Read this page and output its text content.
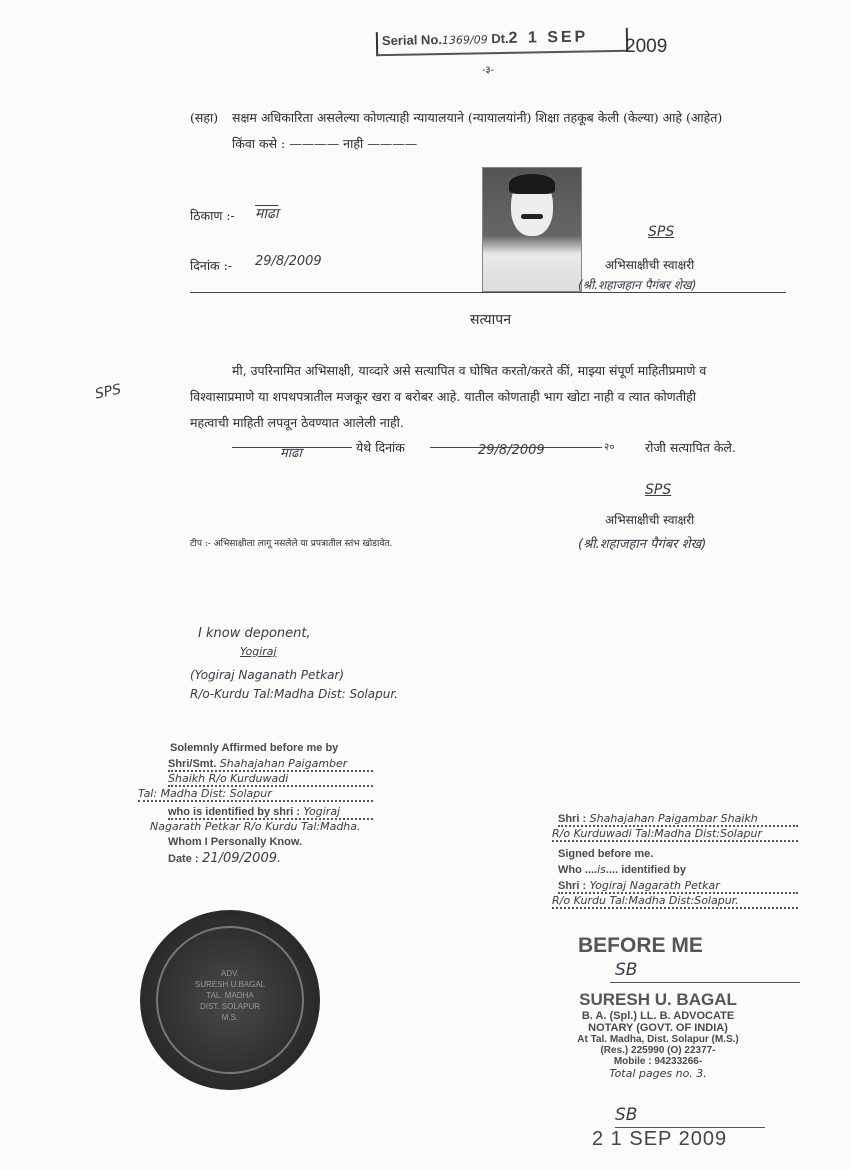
Serial No.1369/09 Dt.2 1 SEP	2009
-३-
(सहा) सक्षम अधिकारिता असलेल्या कोणत्याही न्यायालयाने (न्यायालयांनी) शिक्षा तहकूब केली (केल्या) आहे (आहेत)
किंवा कसे : ———— नाही ————
ठिकाण :- माढा
दिनांक :- 29/8/2009
SPS
अभिसाक्षीची स्वाक्षरी
(श्री.शहाजहान पैगंबर शेख)
सत्यापन
मी, उपरिनामित अभिसाक्षी, याव्दारे असे सत्यापित व घोषित करतो/करते कीं, माझ्या संपूर्ण माहितीप्रमाणे व
विश्वासाप्रमाणे या शपथपत्रातील मजकूर खरा व बरोबर आहे. यातील कोणताही भाग खोटा नाही व त्यात कोणतीही
महत्वाची माहिती लपवून ठेवण्यात आलेली नाही.
SPS
माढा	येथे दिनांक	29/8/2009	२० रोजी सत्यापित केले.
SPS
अभिसाक्षीची स्वाक्षरी
टीप :- अभिसाक्षीला लागू नसलेले या प्रपत्रातील स्तंभ खोडावेत.	(श्री.शहाजहान पैगंबर शेख)
I know deponent,
Yogiraj
(Yogiraj Naganath Petkar)
R/o-Kurdu Tal:Madha Dist: Solapur.
Solemnly Affirmed before me by
Shri/Smt. Shahajahan Paigamber
Shaikh R/o Kurduwadi
Tal: Madha Dist: Solapur
who is identified by shri : Yogiraj
Nagarath Petkar R/o Kurdu Tal:Madha.
Whom I Personally Know.
Date : 21/09/2009.
ADV.
SURESH U.BAGAL
TAL. MADHA
DIST. SOLAPUR
M.S.
Shri : Shahajahan Paigambar Shaikh
R/o Kurduwadi Tal:Madha Dist:Solapur
Signed before me.
Who ....is.... identified by
Shri : Yogiraj Nagarath Petkar
R/o Kurdu Tal:Madha Dist:Solapur.
BEFORE ME
SB
SURESH U. BAGAL
B. A. (Spl.) LL. B. ADVOCATE
NOTARY (GOVT. OF INDIA)
At Tal. Madha, Dist. Solapur (M.S.)
(Res.) 225990 (O) 22377-
Mobile : 94233266-
Total pages no. 3.
SB
2 1 SEP 2009
